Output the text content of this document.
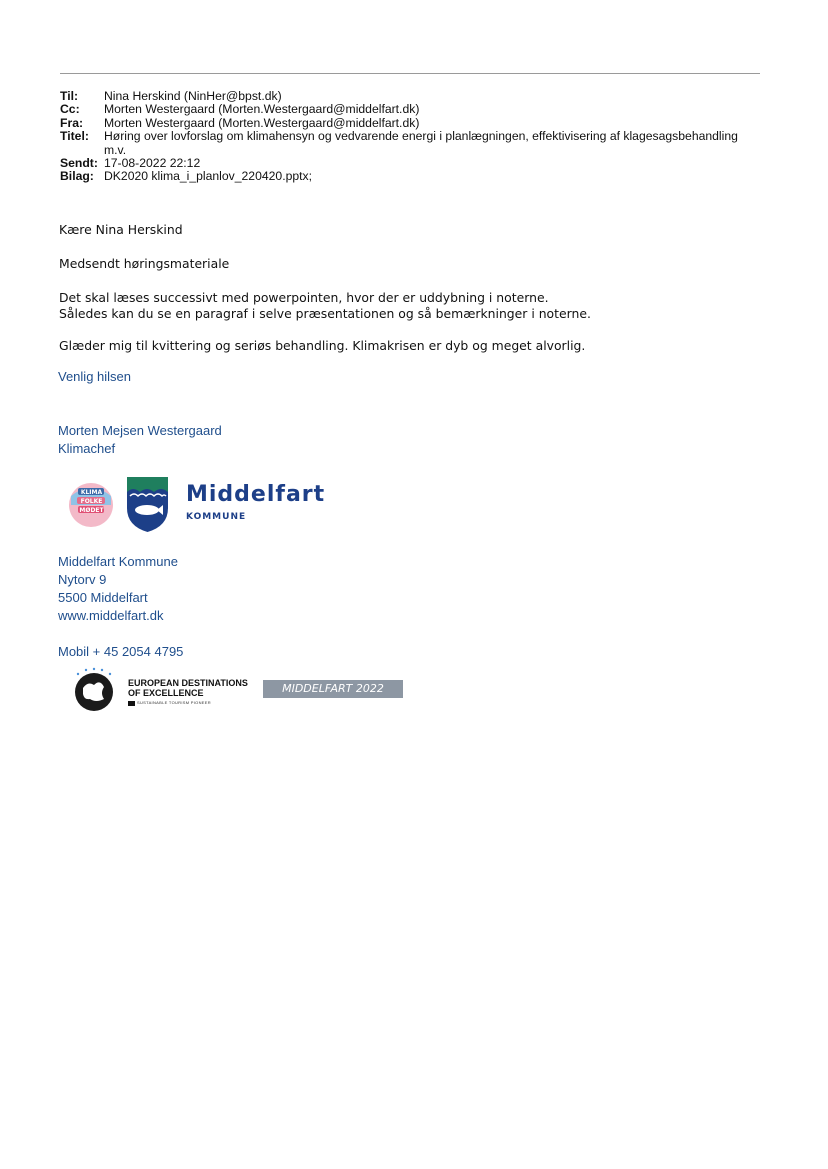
Til:	Nina Herskind (NinHer@bpst.dk)
Cc:	Morten Westergaard (Morten.Westergaard@middelfart.dk)
Fra:	Morten Westergaard (Morten.Westergaard@middelfart.dk)
Titel:	Høring over lovforslag om klimahensyn og vedvarende energi i planlægningen, effektivisering af klagesagsbehandling m.v.
Sendt: 17-08-2022 22:12
Bilag: DK2020 klima_i_planlov_220420.pptx;

Kære Nina Herskind

Medsendt høringsmateriale

Det skal læses successivt med powerpointen, hvor der er uddybning i noterne.

Således kan du se en paragraf i selve præsentationen og så bemærkninger i noterne.

Glæder mig til kvittering og seriøs behandling. Klimakrisen er dyb og meget alvorlig.

Venlig hilsen

Morten Mejsen Westergaard

Klimachef

Middelfart
KOMMUNE
KLIMA
FOLKE
MØDET

Middelfart Kommune

Nytorv 9

5500 Middelfart

www.middelfart.dk

Mobil + 45 2054 4795

EUROPEAN DESTINATIONS
OF EXCELLENCE
SUSTAINABLE TOURISM PIONEER
MIDDELFART 2022
